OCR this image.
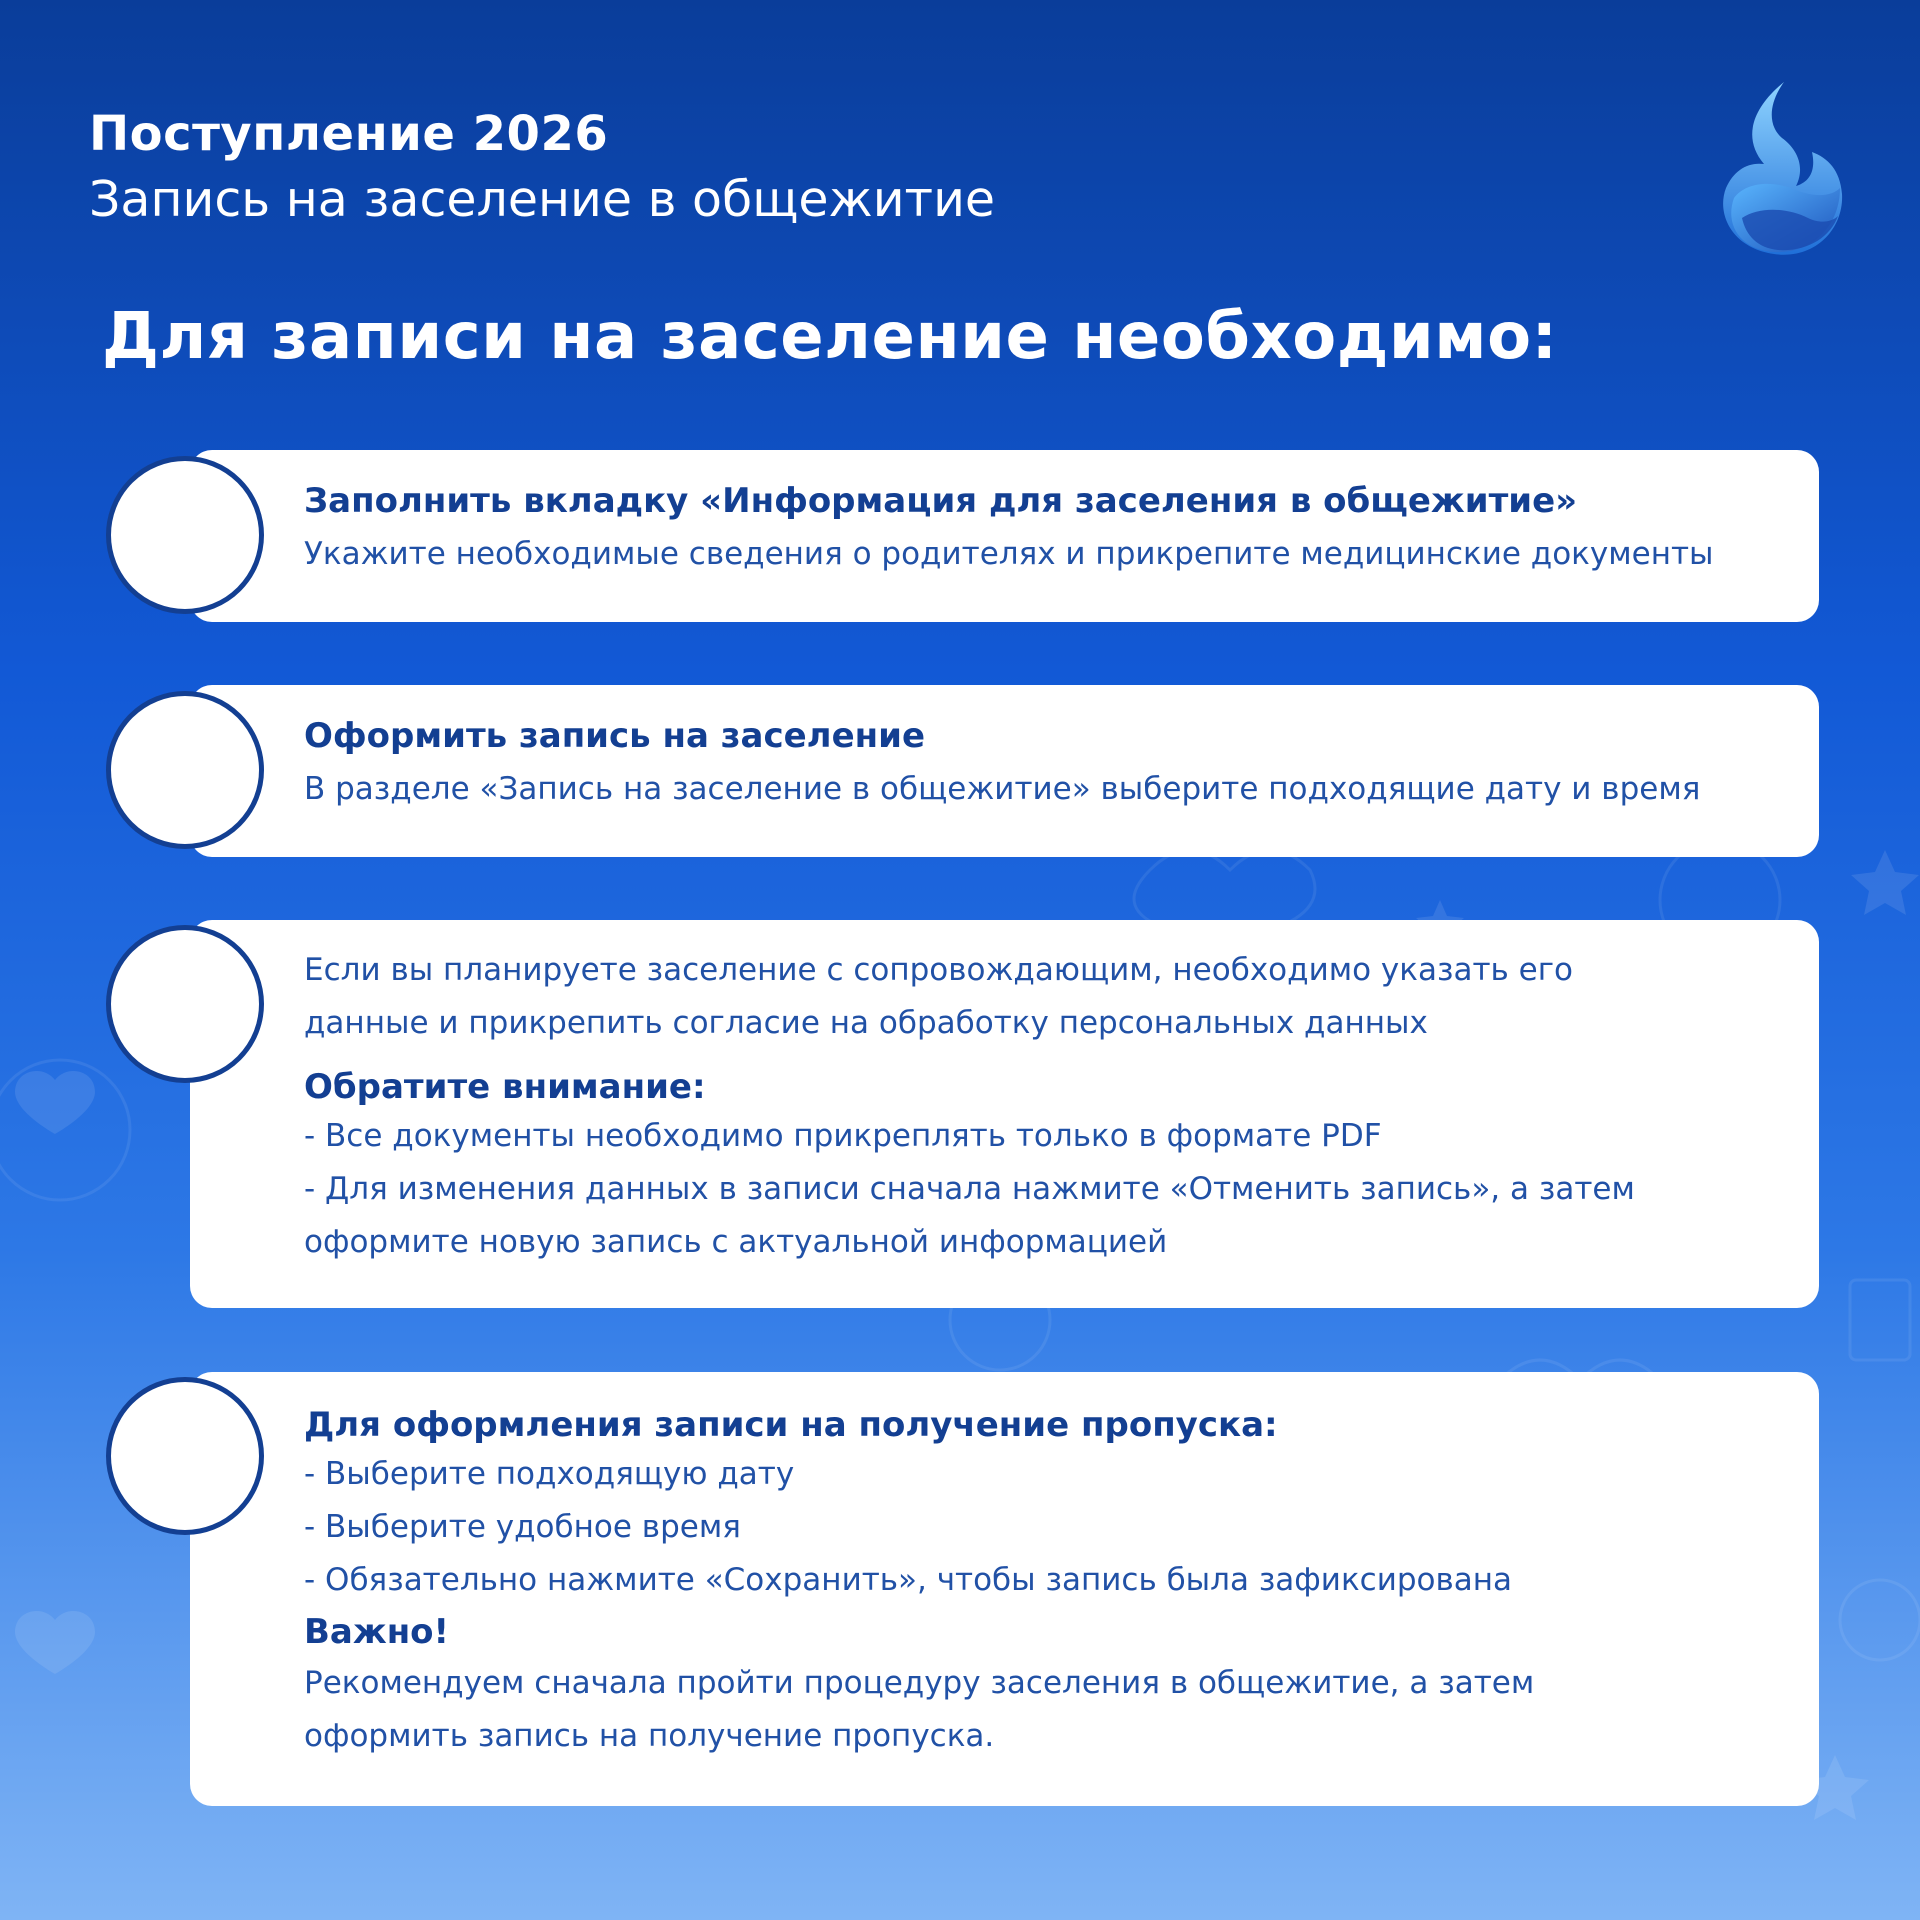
Поступление 2026
Запись на заселение в общежитие
Для записи на заселение необходимо:
Заполнить вкладку «Информация для заселения в общежитие»
Укажите необходимые сведения о родителях и прикрепите медицинские документы
Оформить запись на заселение
В разделе «Запись на заселение в общежитие» выберите подходящие дату и время
Если вы планируете заселение с сопровождающим, необходимо указать его
данные и прикрепить согласие на обработку персональных данных
Обратите внимание:
- Все документы необходимо прикреплять только в формате PDF
- Для изменения данных в записи сначала нажмите «Отменить запись», а затем
оформите новую запись с актуальной информацией
Для оформления записи на получение пропуска:
- Выберите подходящую дату
- Выберите удобное время
- Обязательно нажмите «Сохранить», чтобы запись была зафиксирована
Важно!
Рекомендуем сначала пройти процедуру заселения в общежитие, а затем
оформить запись на получение пропуска.
